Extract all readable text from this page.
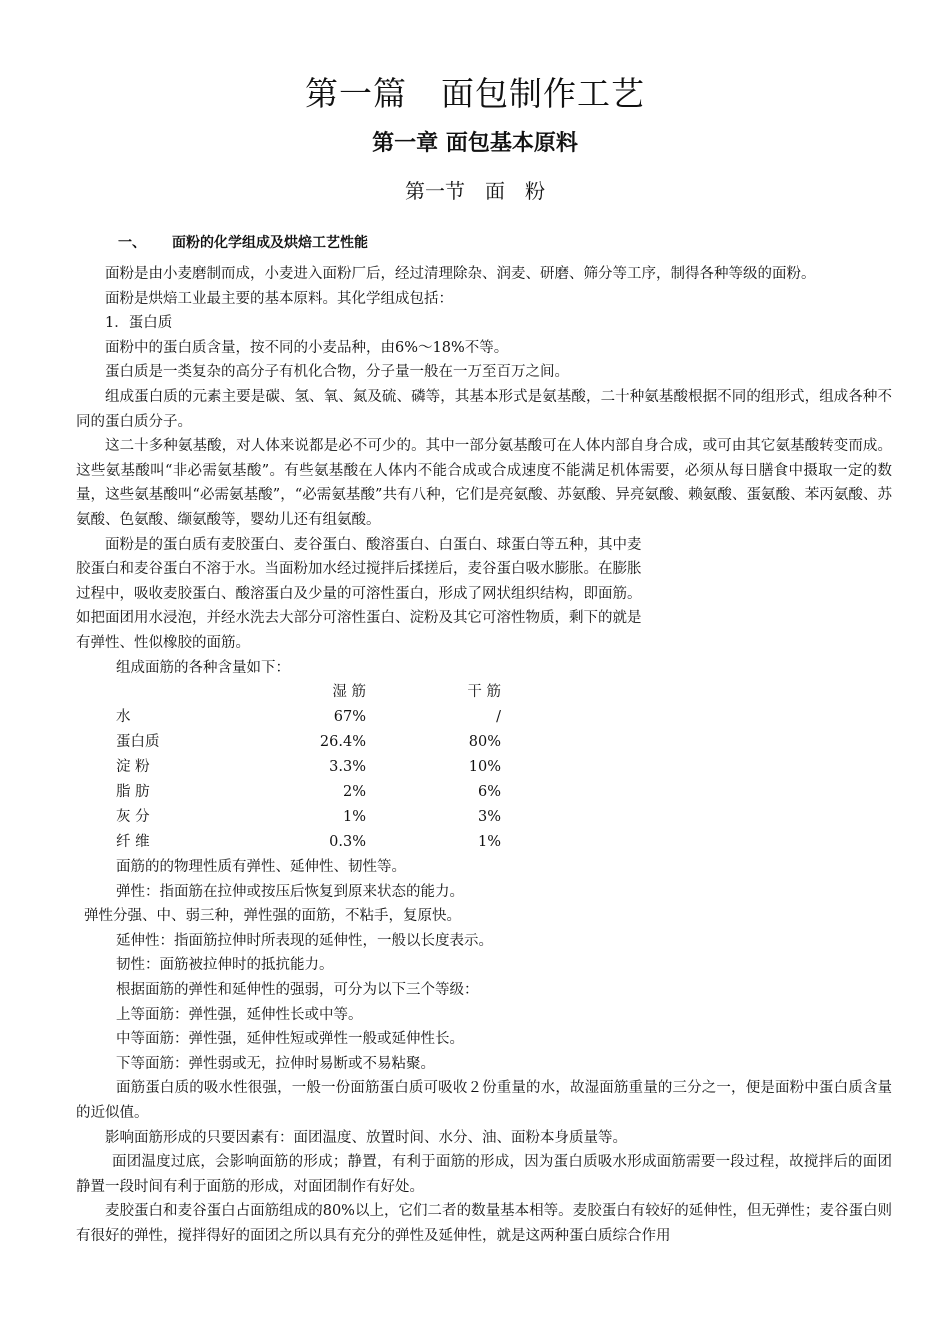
第一篇　面包制作工艺
第一章 面包基本原料
第一节　面　粉
一、 面粉的化学组成及烘焙工艺性能

面粉是由小麦磨制而成，小麦进入面粉厂后，经过清理除杂、润麦、研磨、筛分等工序，制得各种等级的面粉。

面粉是烘焙工业最主要的基本原料。其化学组成包括：

1．蛋白质

面粉中的蛋白质含量，按不同的小麦品种，由6%～18%不等。

蛋白质是一类复杂的高分子有机化合物，分子量一般在一万至百万之间。

组成蛋白质的元素主要是碳、氢、氧、氮及硫、磷等，其基本形式是氨基酸，二十种氨基酸根据不同的组形式，组成各种不同的蛋白质分子。

这二十多种氨基酸，对人体来说都是必不可少的。其中一部分氨基酸可在人体内部自身合成，或可由其它氨基酸转变而成。这些氨基酸叫“非必需氨基酸”。有些氨基酸在人体内不能合成或合成速度不能满足机体需要，必须从每日膳食中摄取一定的数量，这些氨基酸叫“必需氨基酸”，“必需氨基酸”共有八种，它们是亮氨酸、苏氨酸、异亮氨酸、赖氨酸、蛋氨酸、苯丙氨酸、苏氨酸、色氨酸、缬氨酸等，婴幼儿还有组氨酸。

面粉是的蛋白质有麦胶蛋白、麦谷蛋白、酸溶蛋白、白蛋白、球蛋白等五种，其中麦

胶蛋白和麦谷蛋白不溶于水。当面粉加水经过搅拌后揉搓后，麦谷蛋白吸水膨胀。在膨胀

过程中，吸收麦胶蛋白、酸溶蛋白及少量的可溶性蛋白，形成了网状组织结构，即面筋。

如把面团用水浸泡，并经水洗去大部分可溶性蛋白、淀粉及其它可溶性物质，剩下的就是

有弹性、性似橡胶的面筋。

组成面筋的各种含量如下：

	湿 筋	干 筋
水	67%	/
蛋白质	26.4%	80%
淀 粉	3.3%	10%
脂 肪	2%	6%
灰 分	1%	3%
纤 维	0.3%	1%

面筋的的物理性质有弹性、延伸性、韧性等。

弹性：指面筋在拉伸或按压后恢复到原来状态的能力。

弹性分强、中、弱三种，弹性强的面筋，不粘手，复原快。

延伸性：指面筋拉伸时所表现的延伸性，一般以长度表示。

韧性：面筋被拉伸时的抵抗能力。

根据面筋的弹性和延伸性的强弱，可分为以下三个等级：

上等面筋：弹性强，延伸性长或中等。

中等面筋：弹性强，延伸性短或弹性一般或延伸性长。

下等面筋：弹性弱或无，拉伸时易断或不易粘聚。

面筋蛋白质的吸水性很强，一般一份面筋蛋白质可吸收２份重量的水，故湿面筋重量的三分之一，便是面粉中蛋白质含量的近似值。

影响面筋形成的只要因素有：面团温度、放置时间、水分、油、面粉本身质量等。

面团温度过底，会影响面筋的形成；静置，有利于面筋的形成，因为蛋白质吸水形成面筋需要一段过程，故搅拌后的面团静置一段时间有利于面筋的形成，对面团制作有好处。

麦胶蛋白和麦谷蛋白占面筋组成的80%以上，它们二者的数量基本相等。麦胶蛋白有较好的延伸性，但无弹性；麦谷蛋白则有很好的弹性，搅拌得好的面团之所以具有充分的弹性及延伸性，就是这两种蛋白质综合作用
